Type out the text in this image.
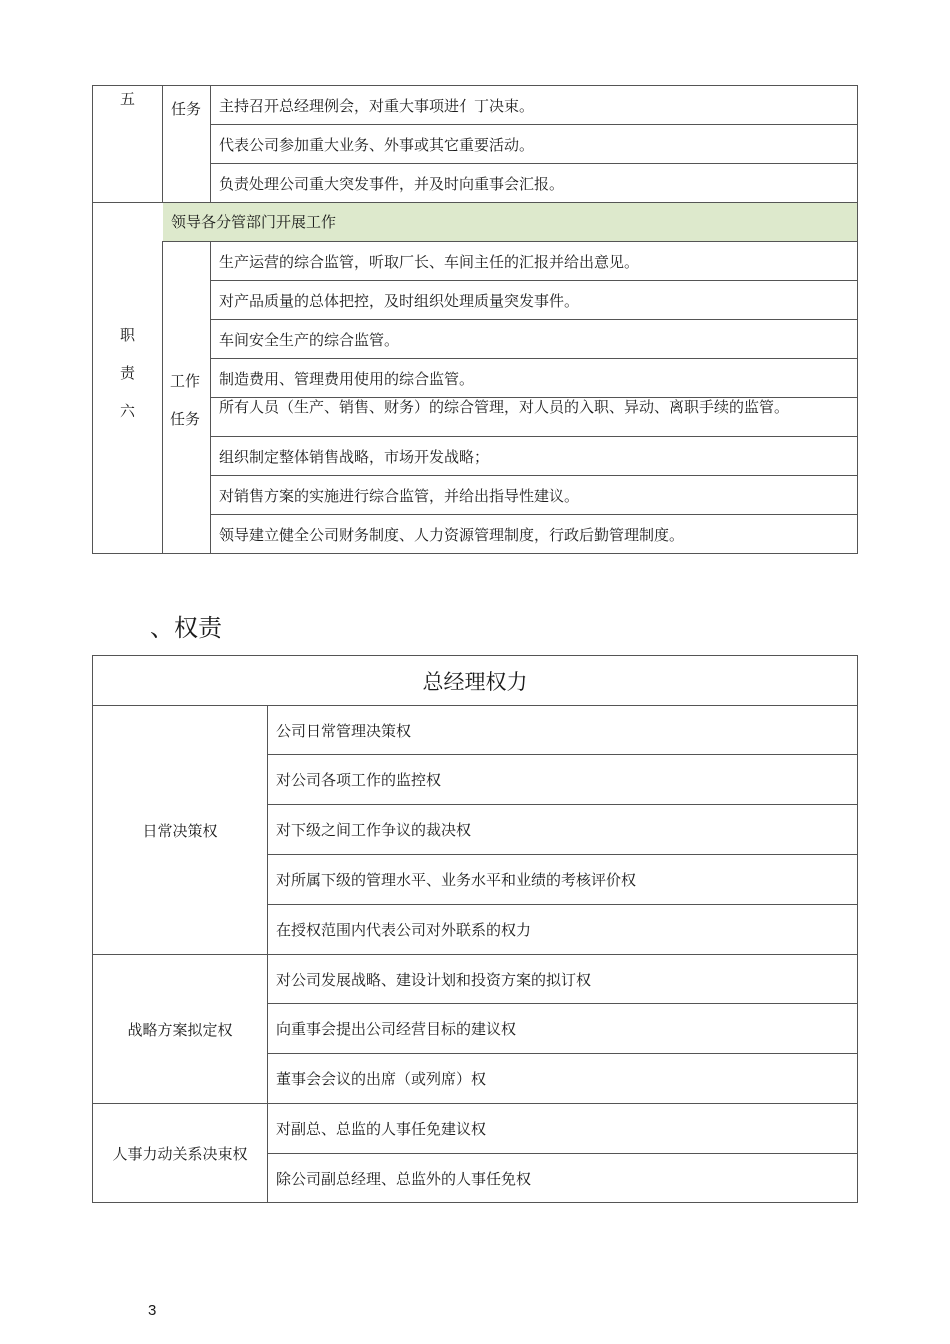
领导各分管部门开展工作
五
任务 主持召开总经理例会，对重大事项进亻丁决束。
代表公司参加重大业务、外事或其它重要活动。
负责处理公司重大突发事件，并及时向重事会汇报。
职
责
六
工作
任务
生产运营的综合监管，听取厂长、车间主任的汇报并给出意见。
对产品质量的总体把控，及时组织处理质量突发事件。
车间安全生产的综合监管。
制造费用、管理费用使用的综合监管。
所有人员（生产、销售、财务）的综合管理，对人员的入职、异动、离职手续的监管。
组织制定整体销售战略，市场开发战略；
对销售方案的实施进行综合监管，并给出指导性建议。
领导建立健全公司财务制度、人力资源管理制度，行政后勤管理制度。
、权责
总经理权力
日常决策权
战略方案拟定权
人事力动关系决束权
公司日常管理决策权
对公司各项工作的监控权
对下级之间工作争议的裁决权
对所属下级的管理水平、业务水平和业绩的考核评价权
在授权范围内代表公司对外联系的权力
对公司发展战略、建设计划和投资方案的拟订权
向重事会提出公司经营目标的建议权
董事会会议的出席（或列席）权
对副总、总监的人事任免建议权
除公司副总经理、总监外的人事任免权
3
